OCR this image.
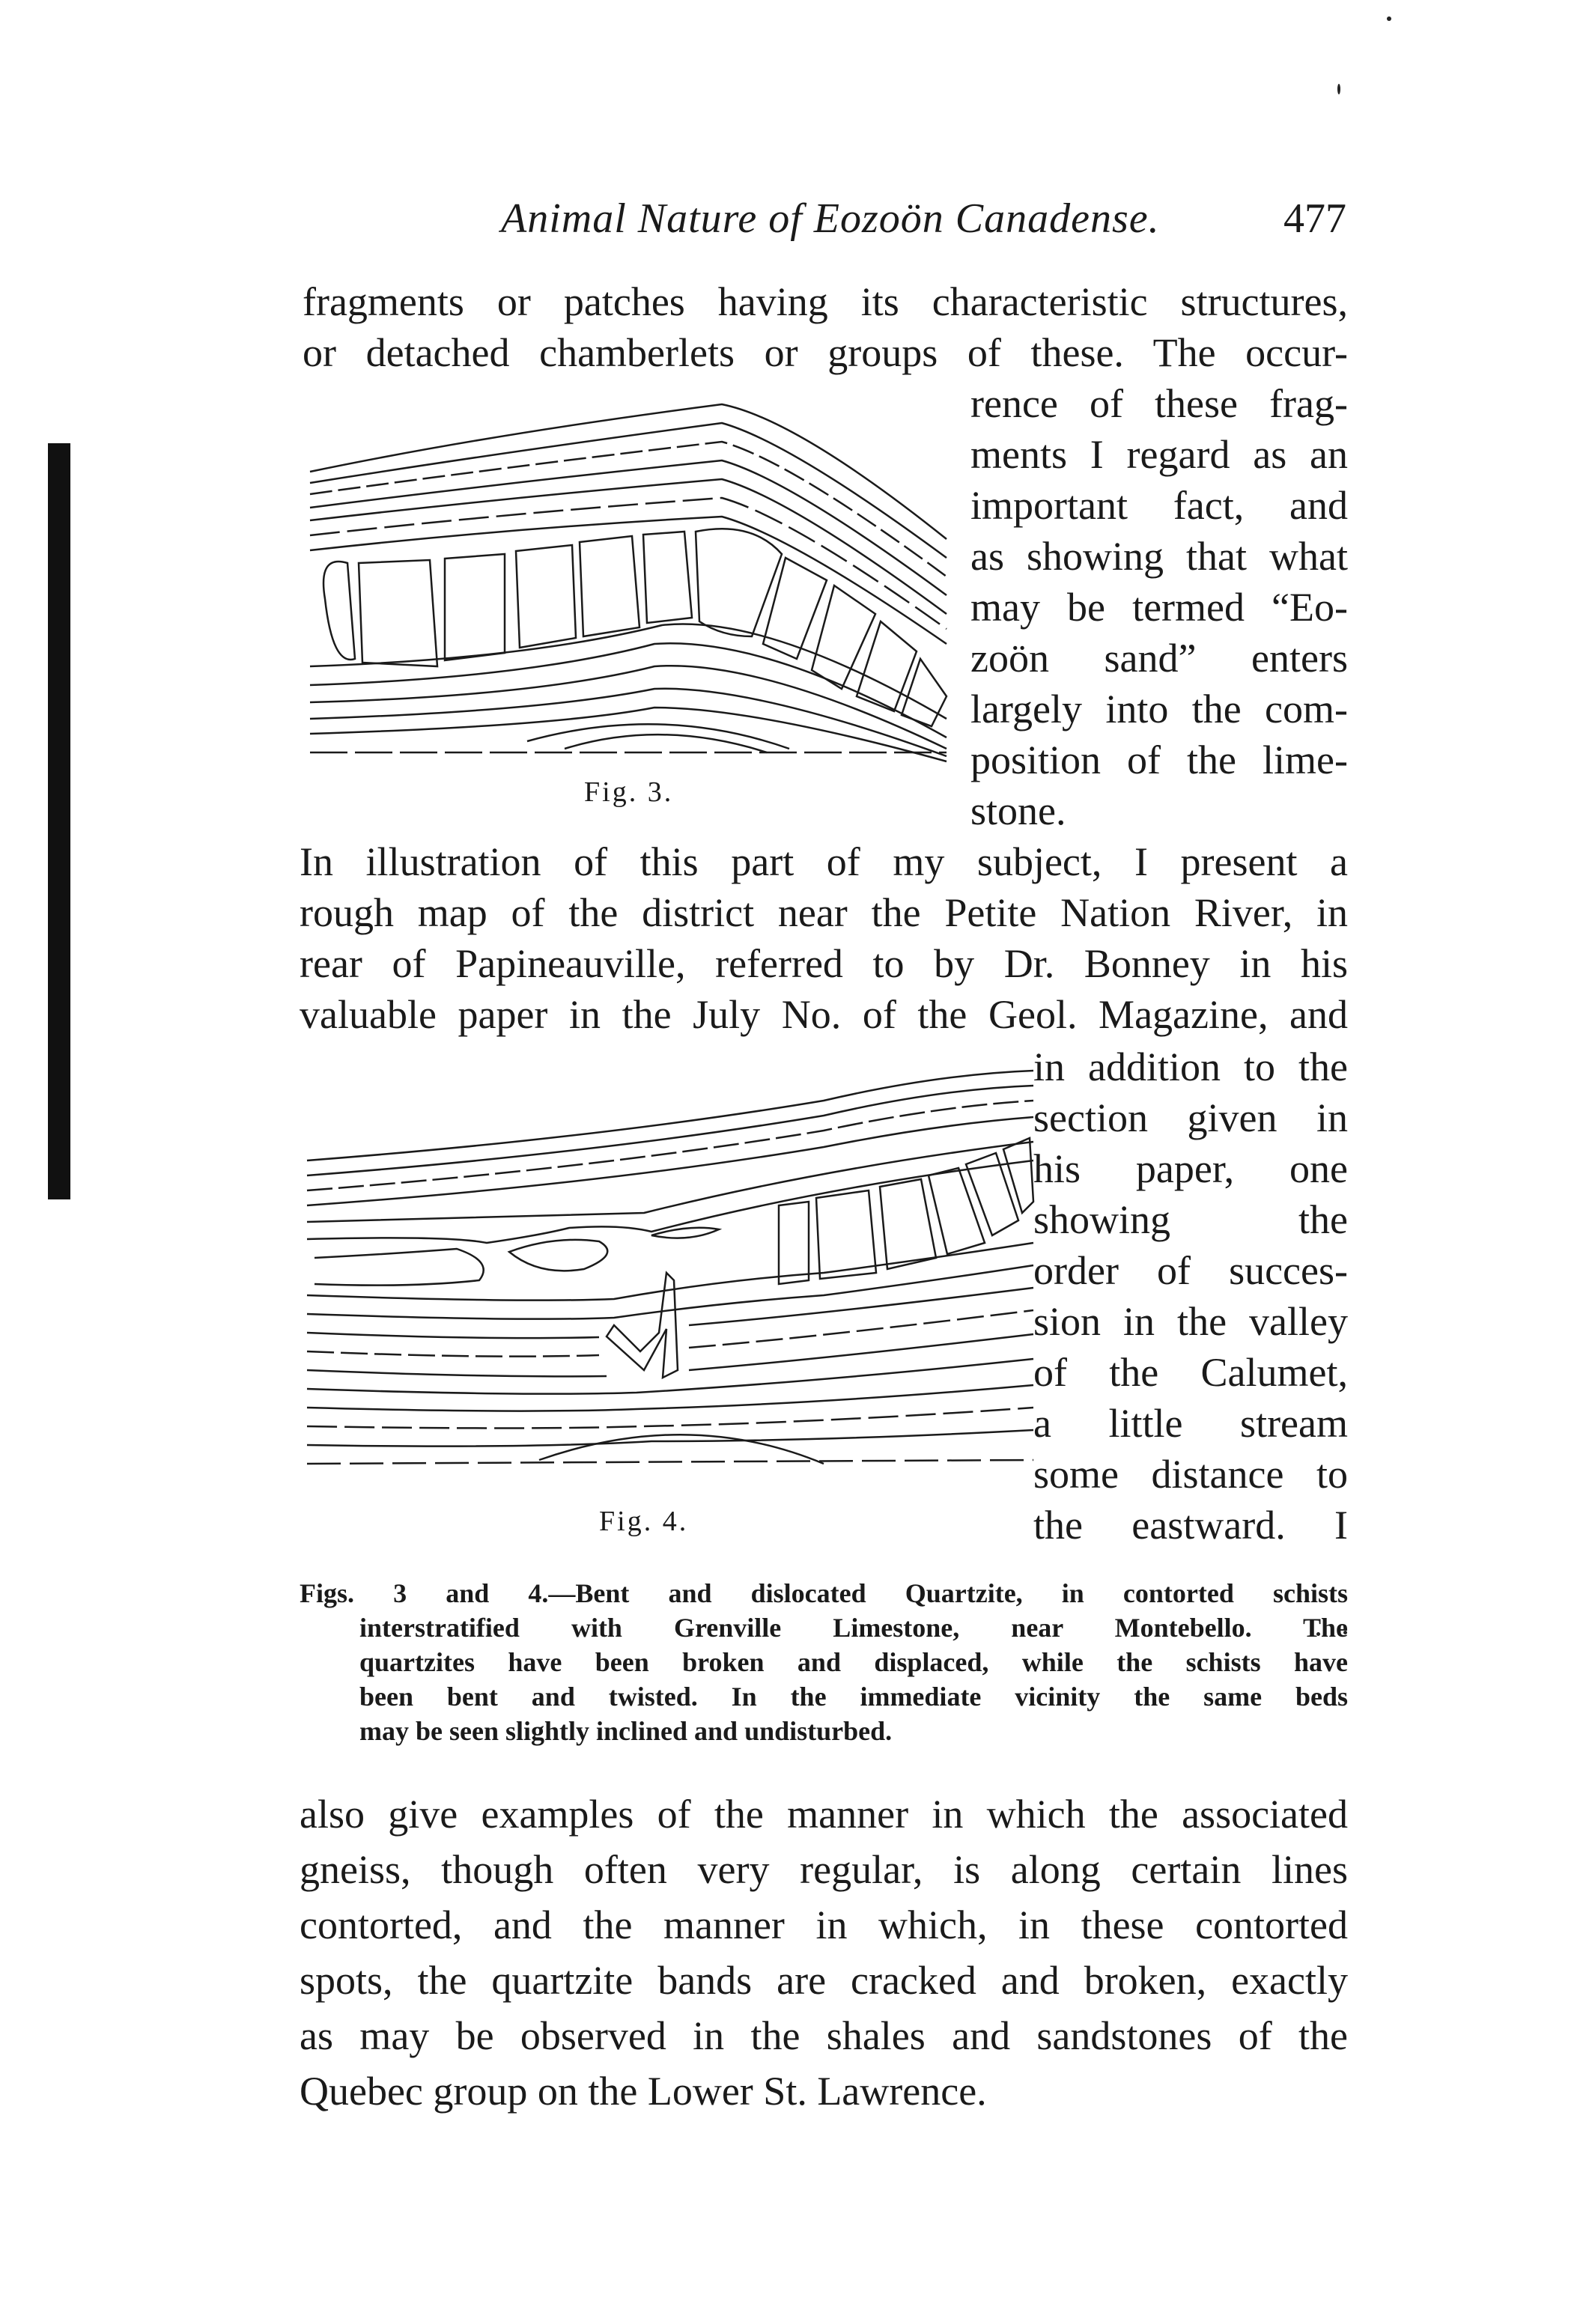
Animal Nature of Eozoön Canadense.	477
fragments or patches having its characteristic structures,
or detached chamberlets or groups of these. The occur-
rence of these frag-
ments I regard as an
important fact, and
as showing that what
may be termed “Eo-
zoön sand” enters
largely into the com-
position of the lime-
stone.
Fig. 3.
In illustration of this part of my subject, I present a
rough map of the district near the Petite Nation River, in
rear of Papineauville, referred to by Dr. Bonney in his
valuable paper in the July No. of the Geol. Magazine, and
in addition to the
section given in
his paper, one
showing the
order of succes-
sion in the valley
of the Calumet,
a little stream
some distance to
the eastward. I
Fig. 4.
Figs. 3 and 4.—Bent and dislocated Quartzite, in contorted schists
interstratified with Grenville Limestone, near Montebello. The
quartzites have been broken and displaced, while the schists have
been bent and twisted. In the immediate vicinity the same beds
may be seen slightly inclined and undisturbed.
also give examples of the manner in which the associated
gneiss, though often very regular, is along certain lines
contorted, and the manner in which, in these contorted
spots, the quartzite bands are cracked and broken, exactly
as may be observed in the shales and sandstones of the
Quebec group on the Lower St. Lawrence.
